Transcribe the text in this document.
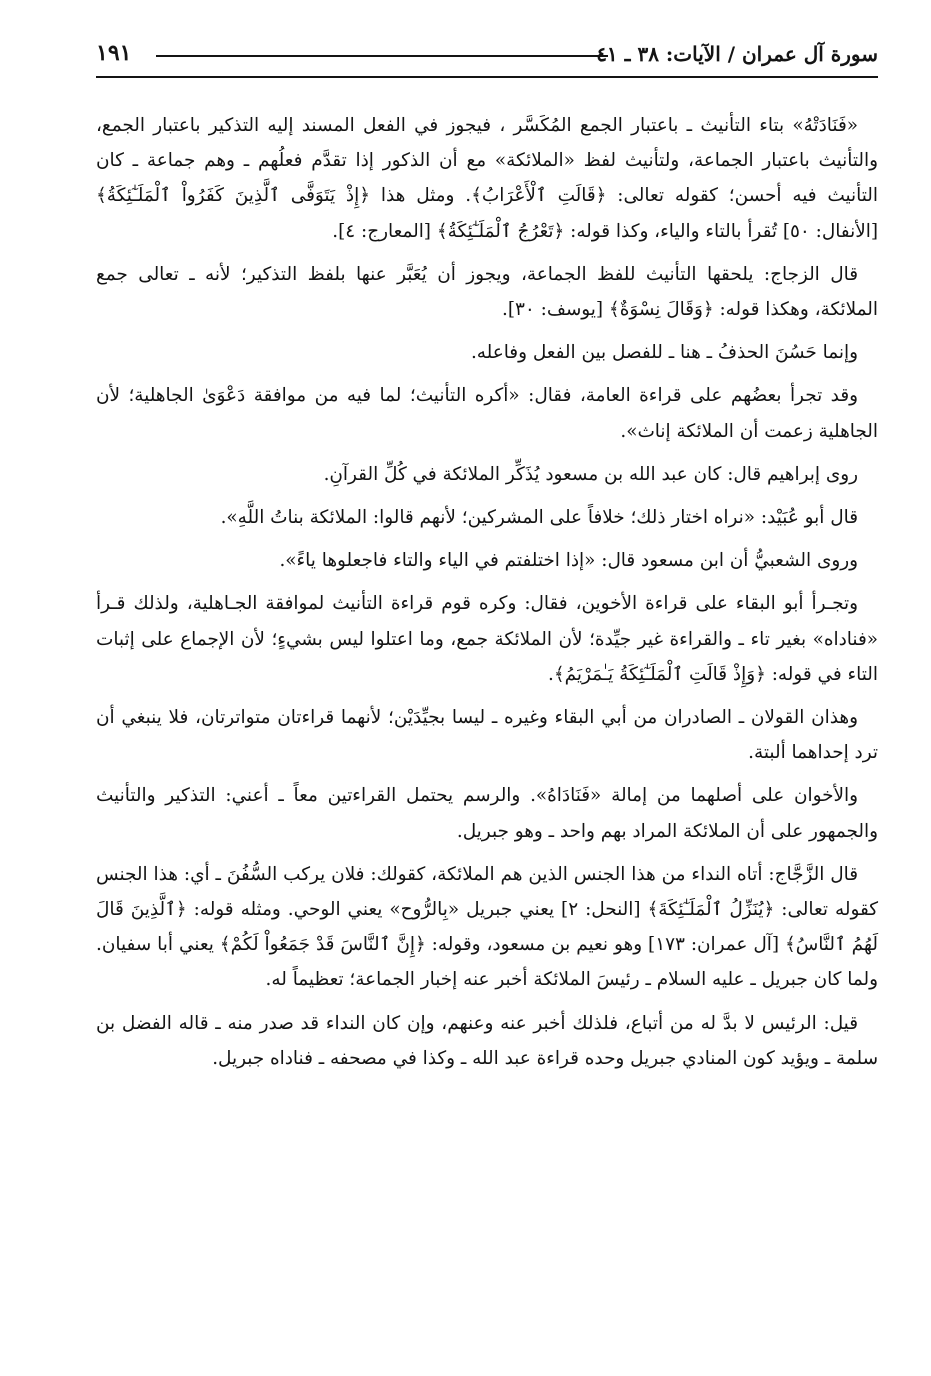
سورة آل عمران / الآيات: ٣٨ ـ ٤١
١٩١

«فَنَادَتْهُ» بتاء التأنيث ـ باعتبار الجمع المُكَسَّر ، فيجوز في الفعل المسند إليه التذكير باعتبار الجمع، والتأنيث باعتبار الجماعة، ولتأنيث لفظ «الملائكة» مع أن الذكور إذا تقدَّم فعلُهم ـ وهم جماعة ـ كان التأنيث فيه أحسن؛ كقوله تعالى: ﴿قَالَتِ ٱلْأَعْرَابُ﴾. ومثل هذا ﴿إِذْ يَتَوَفَّى ٱلَّذِينَ كَفَرُواْ ٱلْمَلَـٰٓئِكَةُ﴾ [الأنفال: ٥٠] تُقرأ بالتاء والياء، وكذا قوله: ﴿تَعْرُجُ ٱلْمَلَـٰٓئِكَةُ﴾ [المعارج: ٤].

قال الزجاج: يلحقها التأنيث للفظ الجماعة، ويجوز أن يُعَبَّر عنها بلفظ التذكير؛ لأنه ـ تعالى جمع الملائكة، وهكذا قوله: ﴿وَقَالَ نِسْوَةٌ﴾ [يوسف: ٣٠].

وإنما حَسُنَ الحذفُ ـ هنا ـ للفصل بين الفعل وفاعله.

وقد تجرأ بعضُهم على قراءة العامة، فقال: «أكره التأنيث؛ لما فيه من موافقة دَعْوَىٰ الجاهلية؛ لأن الجاهلية زعمت أن الملائكة إناث».

روى إبراهيم قال: كان عبد الله بن مسعود يُذَكِّر الملائكة في كُلِّ القرآنِ.

قال أبو عُبَيْد: «نراه اختار ذلك؛ خلافاً على المشركين؛ لأنهم قالوا: الملائكة بناتُ اللَّهِ».

وروى الشعبيُّ أن ابن مسعود قال: «إذا اختلفتم في الياء والتاء فاجعلوها ياءً».

وتجـرأ أبو البقاء على قراءة الأخوين، فقال: وكره قوم قراءة التأنيث لموافقة الجـاهلية، ولذلك قـرأ «فناداه» بغير تاء ـ والقراءة غير جيِّدة؛ لأن الملائكة جمع، وما اعتلوا ليس بشيءٍ؛ لأن الإجماع على إثبات التاء في قوله: ﴿وَإِذْ قَالَتِ ٱلْمَلَـٰٓئِكَةُ يَـٰمَرْيَمُ﴾.

وهذان القولان ـ الصادران من أبي البقاء وغيره ـ ليسا بجيِّدَيْن؛ لأنهما قراءتان متواترتان، فلا ينبغي أن ترد إحداهما ألبتة.

والأخوان على أصلهما من إمالة «فَنَادَاهُ». والرسم يحتمل القراءتين معاً ـ أعني: التذكير والتأنيث والجمهور على أن الملائكة المراد بهم واحد ـ وهو جبريل.

قال الزَّجَّاج: أتاه النداء من هذا الجنس الذين هم الملائكة، كقولك: فلان يركب السُّفُنَ ـ أي: هذا الجنس كقوله تعالى: ﴿يُنَزِّلُ ٱلْمَلَـٰٓئِكَةَ﴾ [النحل: ٢] يعني جبريل «بِالرُّوح» يعني الوحي. ومثله قوله: ﴿ٱلَّذِينَ قَالَ لَهُمُ ٱلنَّاسُ﴾ [آل عمران: ١٧٣] وهو نعيم بن مسعود، وقوله: ﴿إِنَّ ٱلنَّاسَ قَدْ جَمَعُواْ لَكُمْ﴾ يعني أبا سفيان. ولما كان جبريل ـ عليه السلام ـ رئيسَ الملائكة أخبر عنه إخبار الجماعة؛ تعظيماً له.

قيل: الرئيس لا بدَّ له من أتباع، فلذلك أخبر عنه وعنهم، وإن كان النداء قد صدر منه ـ قاله الفضل بن سلمة ـ ويؤيد كون المنادي جبريل وحده قراءة عبد الله ـ وكذا في مصحفه ـ فناداه جبريل.
